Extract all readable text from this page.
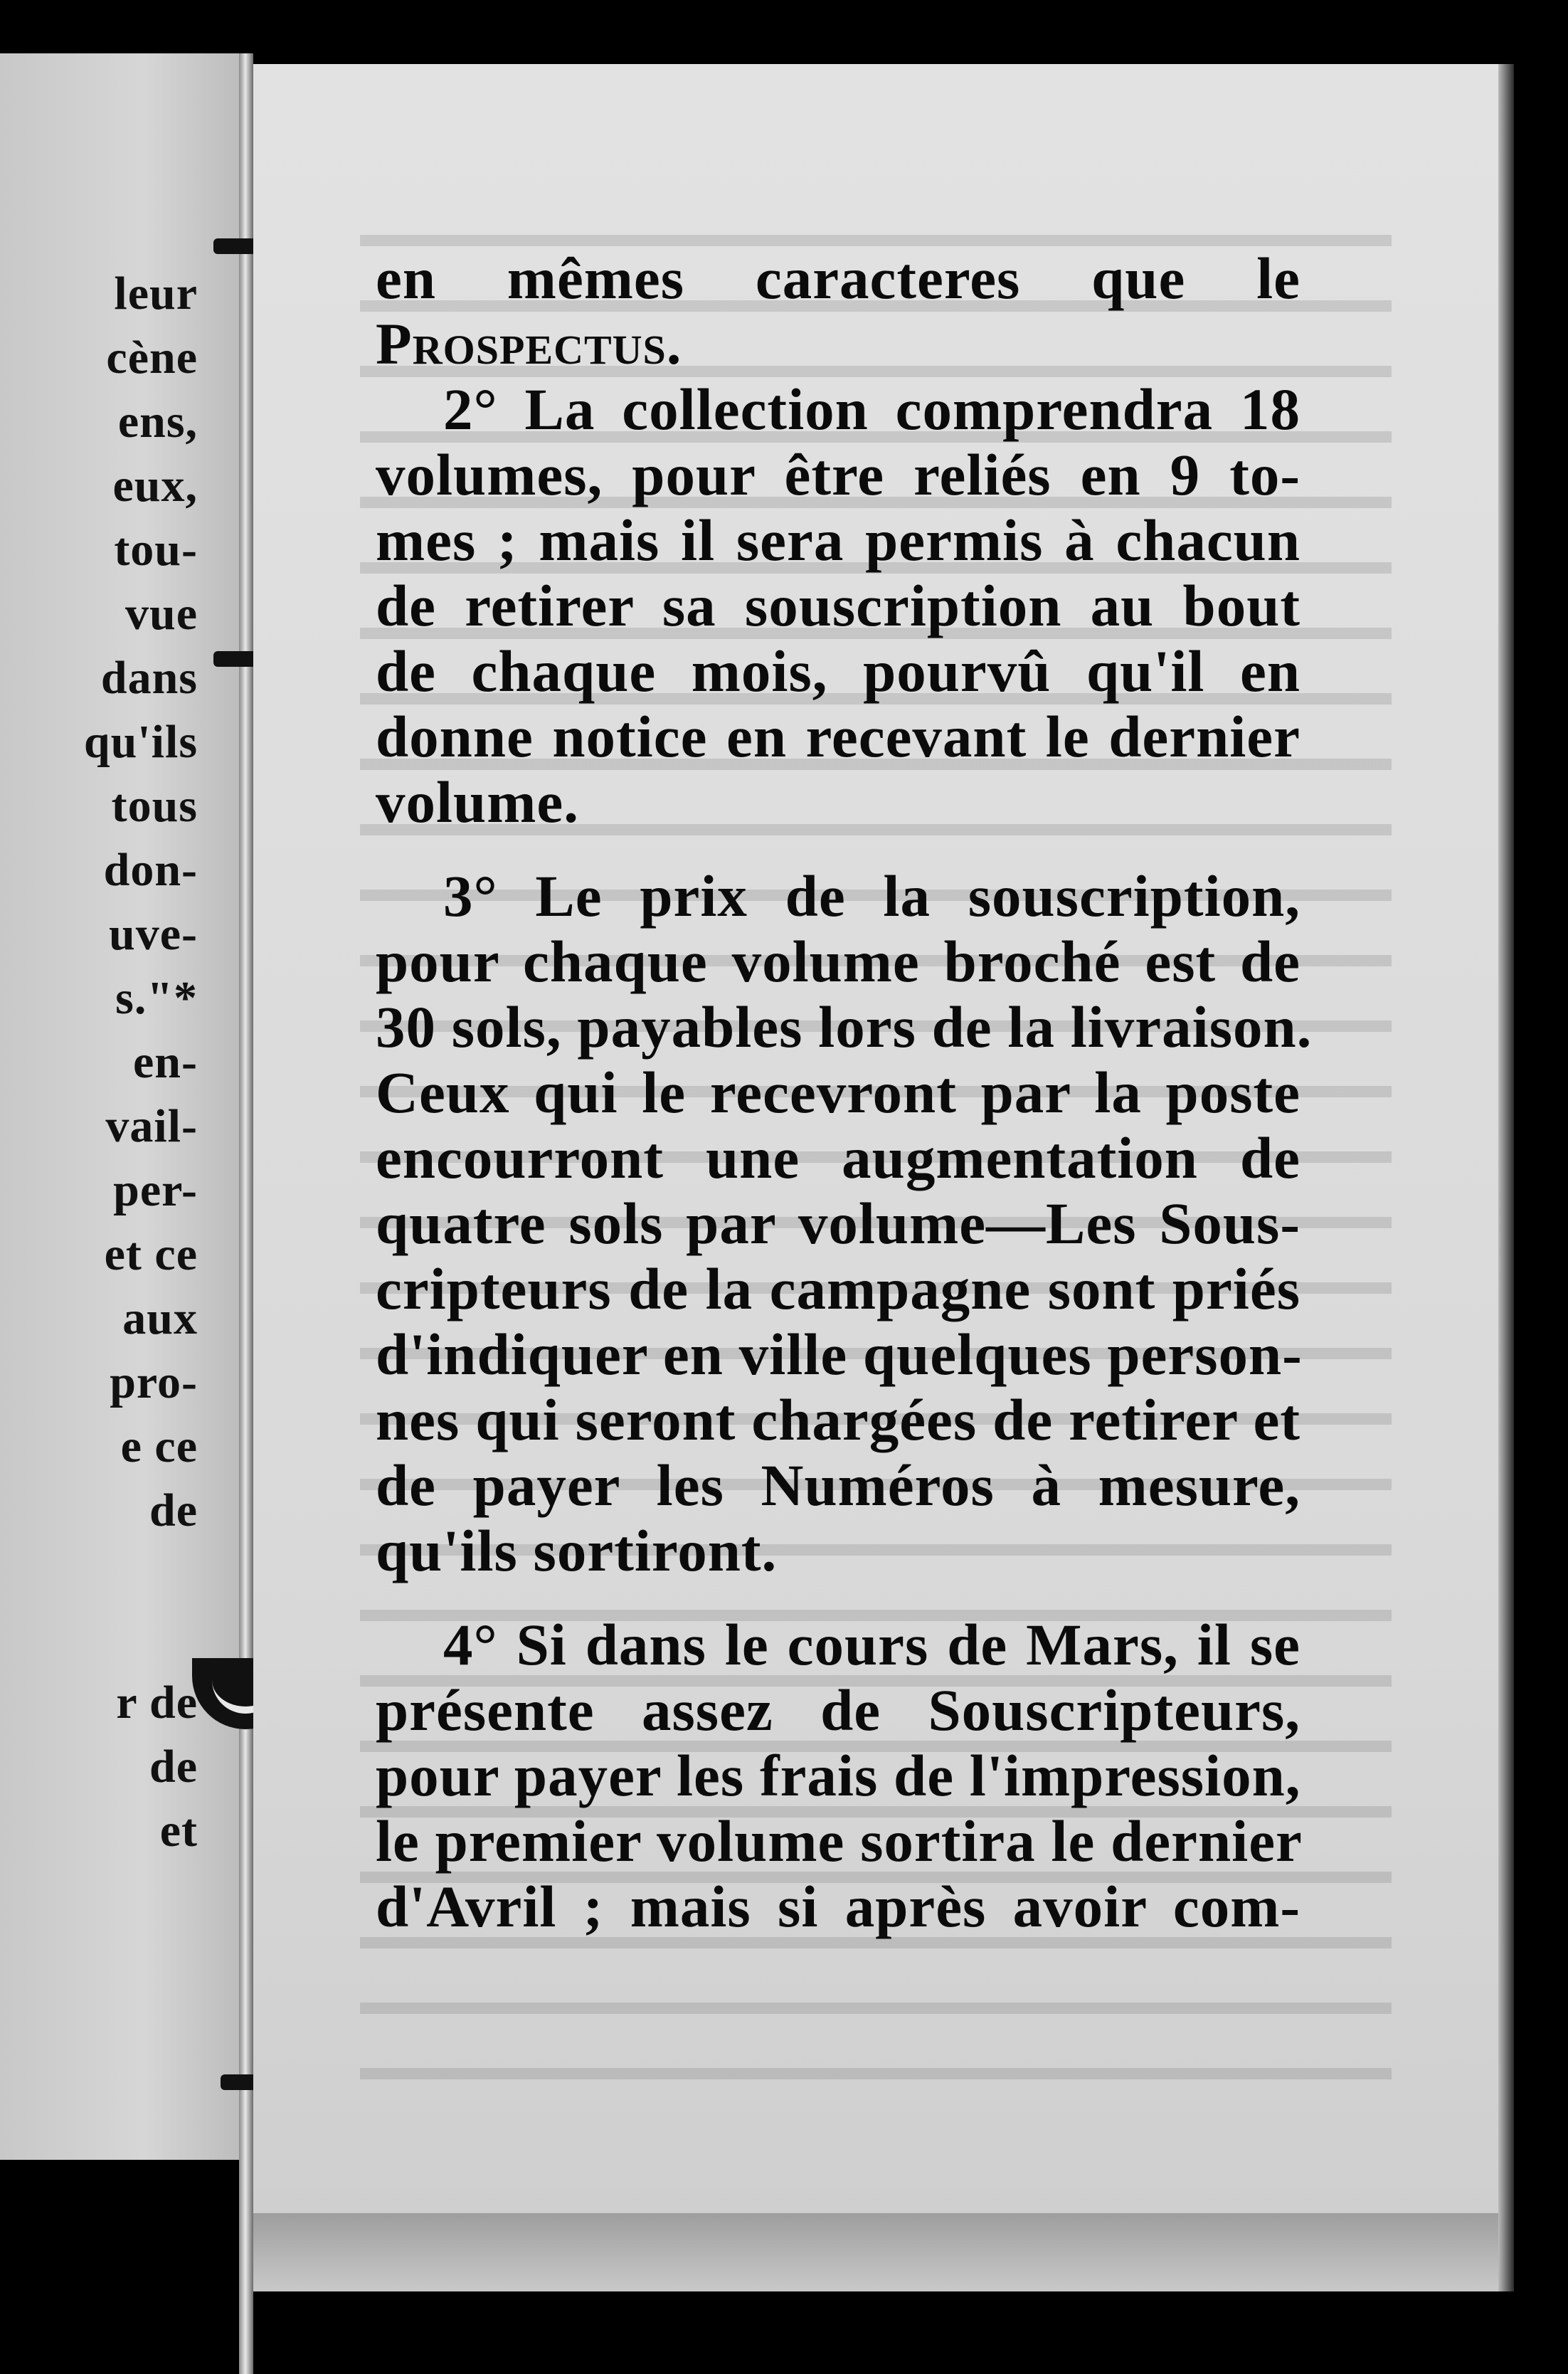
leur
cène
ens,
eux,
tou-
vue
dans
qu'ils
tous
don-
uve-
s."*
en-
vail-
per-
et ce
aux
pro-
e ce
de
r de
de
et
en mêmes caracteres que le
Prospectus.
2° La collection comprendra 18
volumes, pour être reliés en 9 to-
mes ; mais il sera permis à chacun
de retirer sa souscription au bout
de chaque mois, pourvû qu'il en
donne notice en recevant le dernier
volume.
3° Le prix de la souscription,
pour chaque volume broché est de
30 sols, payables lors de la livraison.
Ceux qui le recevront par la poste
encourront une augmentation de
quatre sols par volume—Les Sous-
cripteurs de la campagne sont priés
d'indiquer en ville quelques person-
nes qui seront chargées de retirer et
de payer les Numéros à mesure,
qu'ils sortiront.
4° Si dans le cours de Mars, il se
présente assez de Souscripteurs,
pour payer les frais de l'impression,
le premier volume sortira le dernier
d'Avril ; mais si après avoir com-
